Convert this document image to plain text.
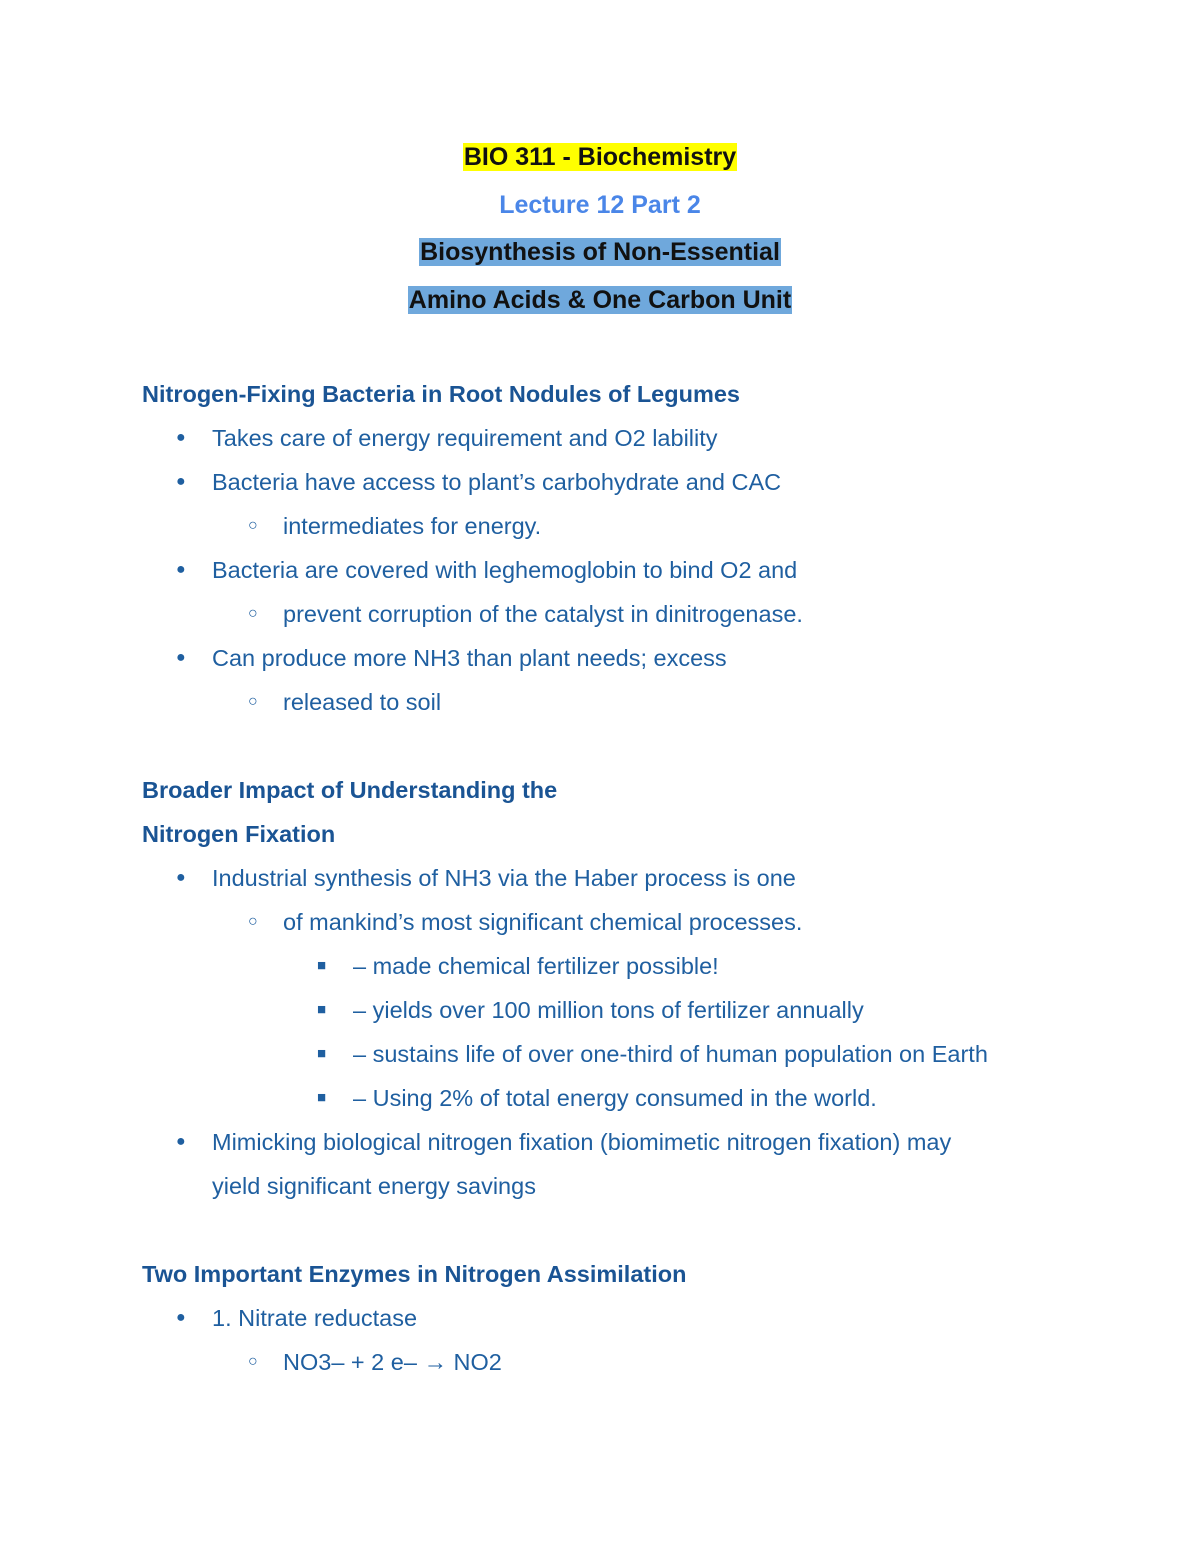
BIO 311 - Biochemistry
Lecture 12 Part 2
Biosynthesis of Non-Essential
Amino Acids & One Carbon Unit
Nitrogen-Fixing Bacteria in Root Nodules of Legumes
● Takes care of energy requirement and O2 lability
● Bacteria have access to plant’s carbohydrate and CAC
○ intermediates for energy.
● Bacteria are covered with leghemoglobin to bind O2 and
○ prevent corruption of the catalyst in dinitrogenase.
● Can produce more NH3 than plant needs; excess
○ released to soil
Broader Impact of Understanding the
Nitrogen Fixation
● Industrial synthesis of NH3 via the Haber process is one
○ of mankind’s most significant chemical processes.
■ – made chemical fertilizer possible!
■ – yields over 100 million tons of fertilizer annually
■ – sustains life of over one-third of human population on Earth
■ – Using 2% of total energy consumed in the world.
● Mimicking biological nitrogen fixation (biomimetic nitrogen fixation) may
yield significant energy savings
Two Important Enzymes in Nitrogen Assimilation
● 1. Nitrate reductase
○ NO3– + 2 e– → NO2
